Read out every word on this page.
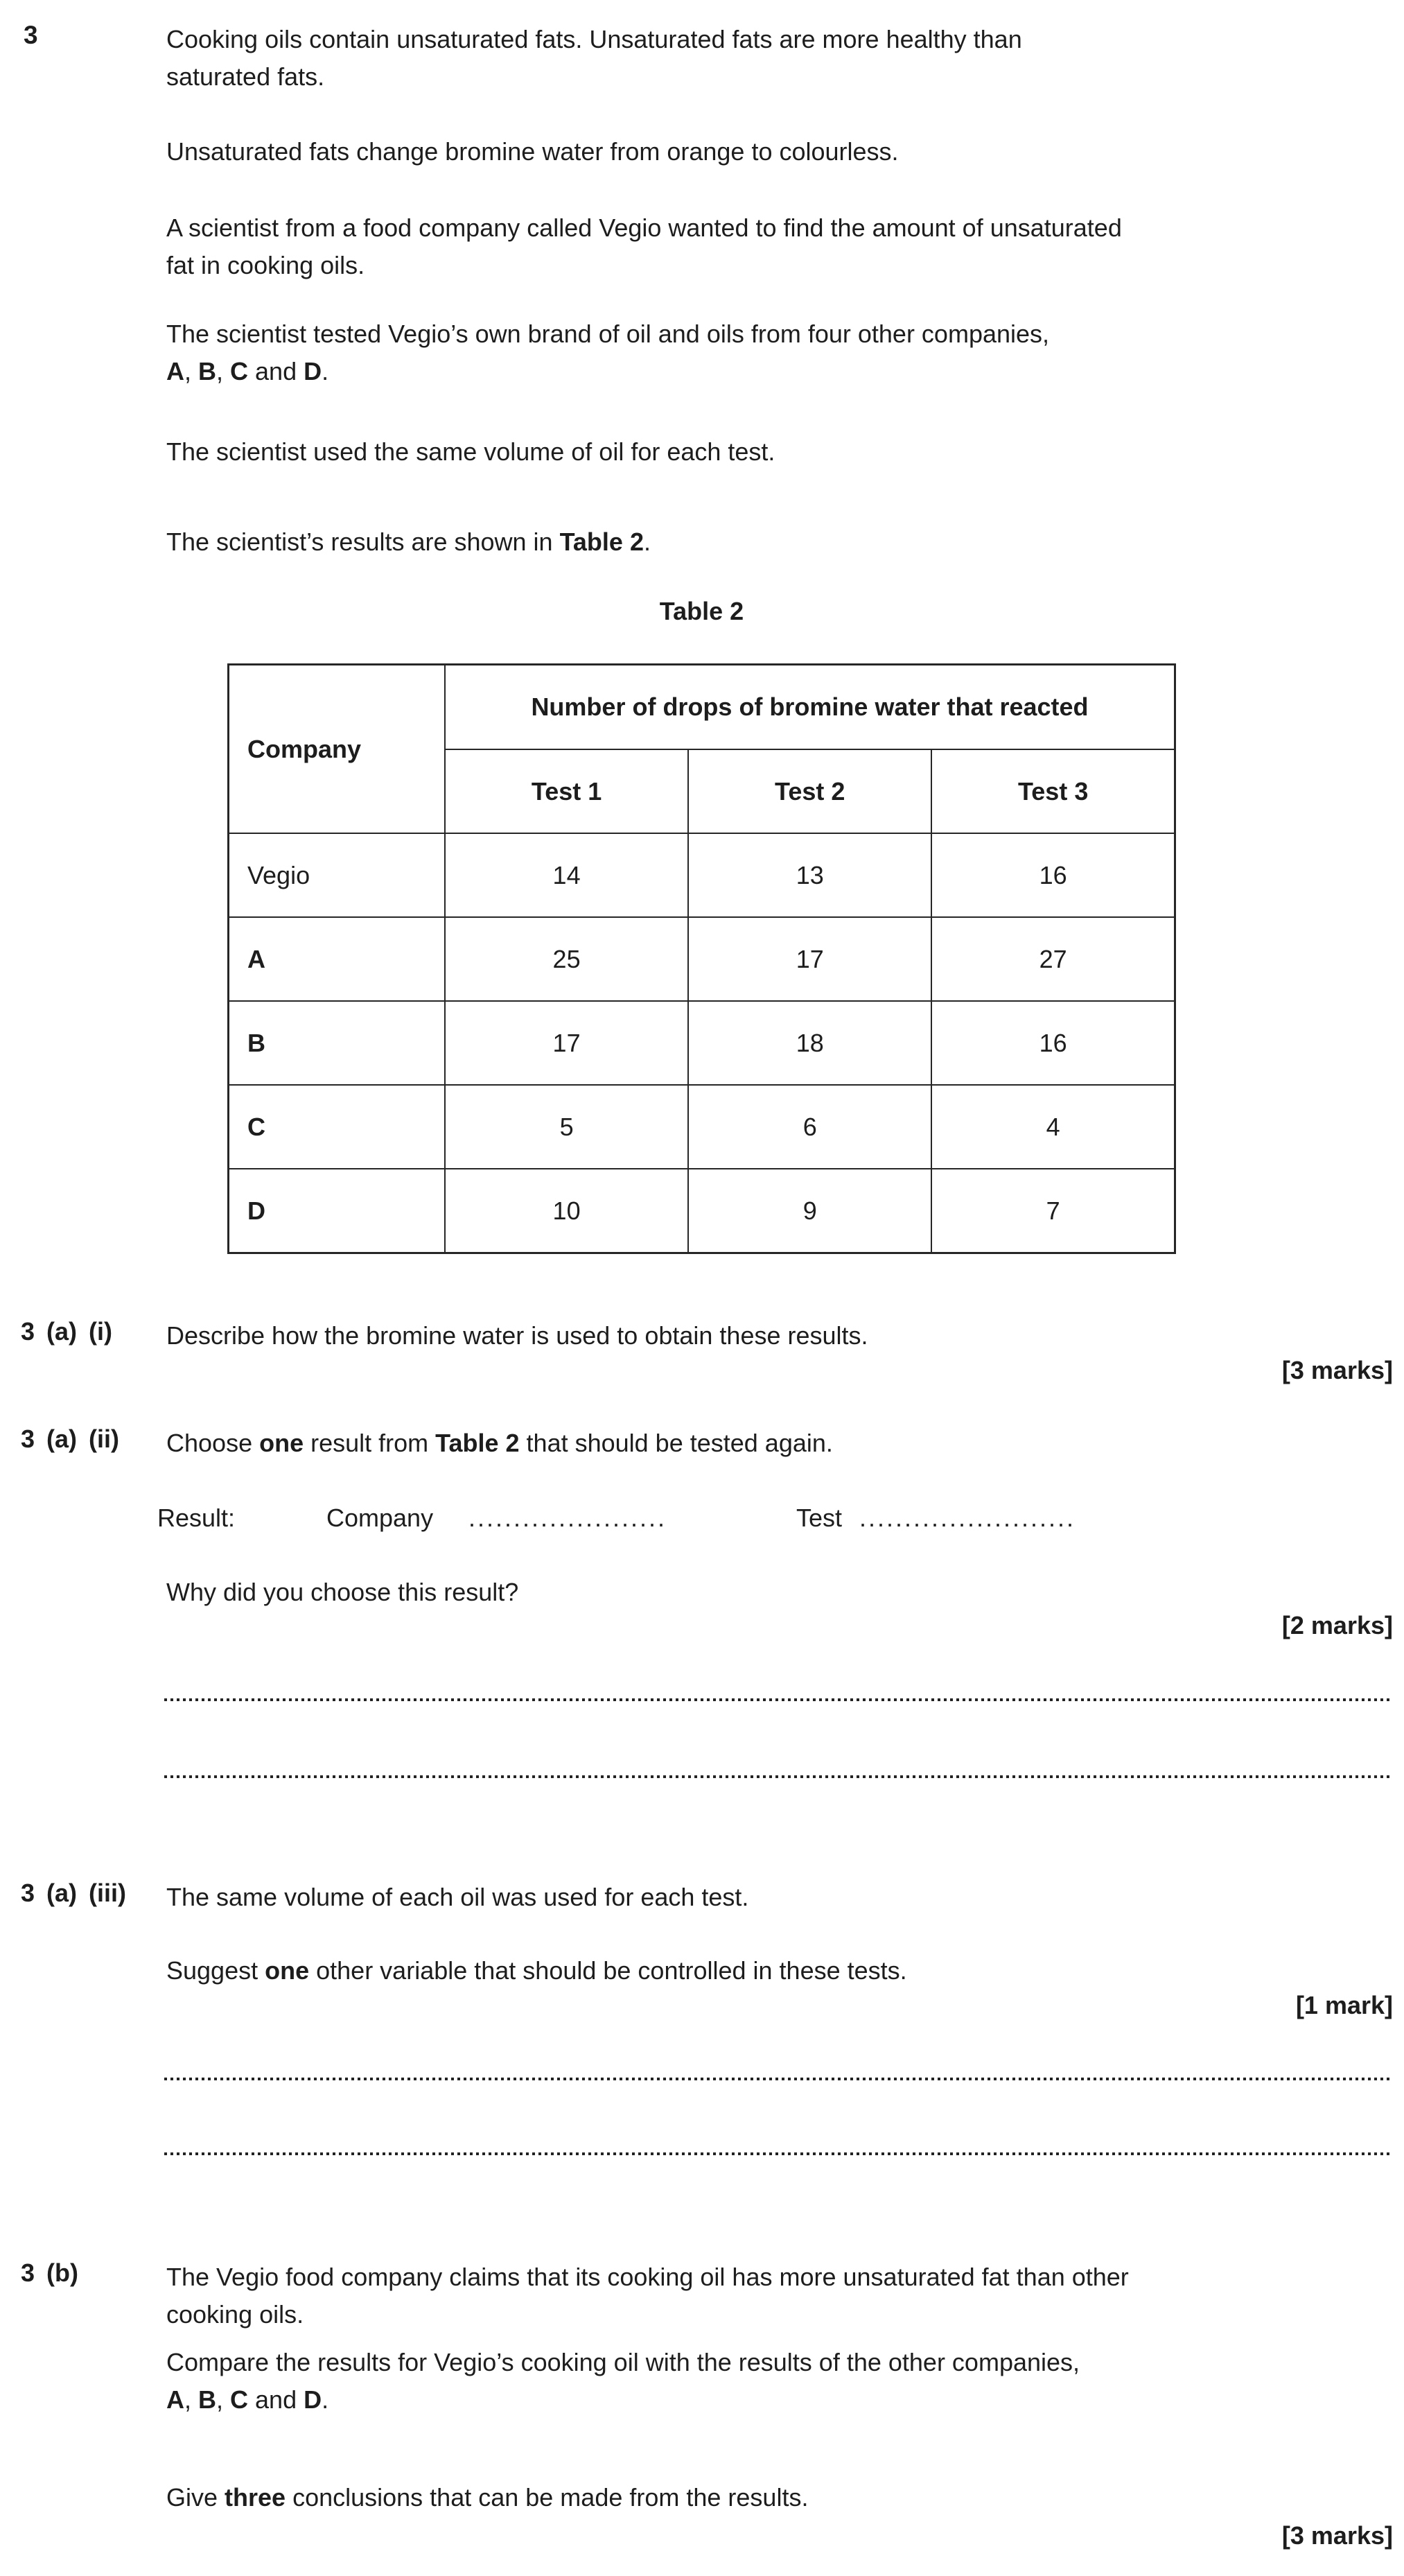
3	Cooking oils contain unsaturated fats. Unsaturated fats are more healthy than
saturated fats.
Unsaturated fats change bromine water from orange to colourless.
A scientist from a food company called Vegio wanted to find the amount of unsaturated
fat in cooking oils.
The scientist tested Vegio’s own brand of oil and oils from four other companies,
A, B, C and D.
The scientist used the same volume of oil for each test.
The scientist’s results are shown in Table 2.
Table 2
Company	Number of drops of bromine water that reacted		
	Test 1	Test 2	Test 3
Vegio	14	13	16
A	25	17	27
B	17	18	16
C	5	6	4
D	10	9	7
3 (a) (i) Describe how the bromine water is used to obtain these results.
[3 marks]
3 (a) (ii) Choose one result from Table 2 that should be tested again.
Result:	Company ......................	Test ........................
Why did you choose this result?
[2 marks]
3 (a) (iii) The same volume of each oil was used for each test.
Suggest one other variable that should be controlled in these tests.
[1 mark]
3 (b)	The Vegio food company claims that its cooking oil has more unsaturated fat than other
cooking oils.
Compare the results for Vegio’s cooking oil with the results of the other companies,
A, B, C and D.
Give three conclusions that can be made from the results.
[3 marks]
